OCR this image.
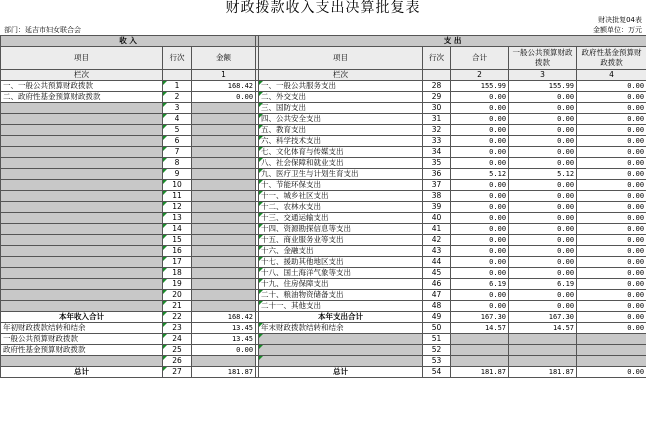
财政拨款收入支出决算批复表
财决批复04表
部门：延吉市妇女联合会	金额单位：万元
收 入				支 出				
项目	行次	金额		项目	行次	合计	一般公共预算财政拨款	政府性基金预算财政拨款
栏次		1		栏次		2	3	4
一、一般公共预算财政拨款	1	168.42		一、一般公共服务支出	28	155.99	155.99	0.00
二、政府性基金预算财政拨款	2	0.00		二、外交支出	29	0.00	0.00	0.00
	3			三、国防支出	30	0.00	0.00	0.00
	4			四、公共安全支出	31	0.00	0.00	0.00
	5			五、教育支出	32	0.00	0.00	0.00
	6			六、科学技术支出	33	0.00	0.00	0.00
	7			七、文化体育与传媒支出	34	0.00	0.00	0.00
	8			八、社会保障和就业支出	35	0.00	0.00	0.00
	9			九、医疗卫生与计划生育支出	36	5.12	5.12	0.00
	10			十、节能环保支出	37	0.00	0.00	0.00
	11			十一、城乡社区支出	38	0.00	0.00	0.00
	12			十二、农林水支出	39	0.00	0.00	0.00
	13			十三、交通运输支出	40	0.00	0.00	0.00
	14			十四、资源勘探信息等支出	41	0.00	0.00	0.00
	15			十五、商业服务业等支出	42	0.00	0.00	0.00
	16			十六、金融支出	43	0.00	0.00	0.00
	17			十七、援助其他地区支出	44	0.00	0.00	0.00
	18			十八、国土海洋气象等支出	45	0.00	0.00	0.00
	19			十九、住房保障支出	46	6.19	6.19	0.00
	20			二十、粮油物资储备支出	47	0.00	0.00	0.00
	21			二十一、其他支出	48	0.00	0.00	0.00
本年收入合计	22	168.42		本年支出合计	49	167.30	167.30	0.00
年初财政拨款结转和结余	23	13.45		年末财政拨款结转和结余	50	14.57	14.57	0.00
一般公共预算财政拨款	24	13.45			51			
政府性基金预算财政拨款	25	0.00			52			
	26				53			
总计	27	181.87		总计	54	181.87	181.87	0.00
